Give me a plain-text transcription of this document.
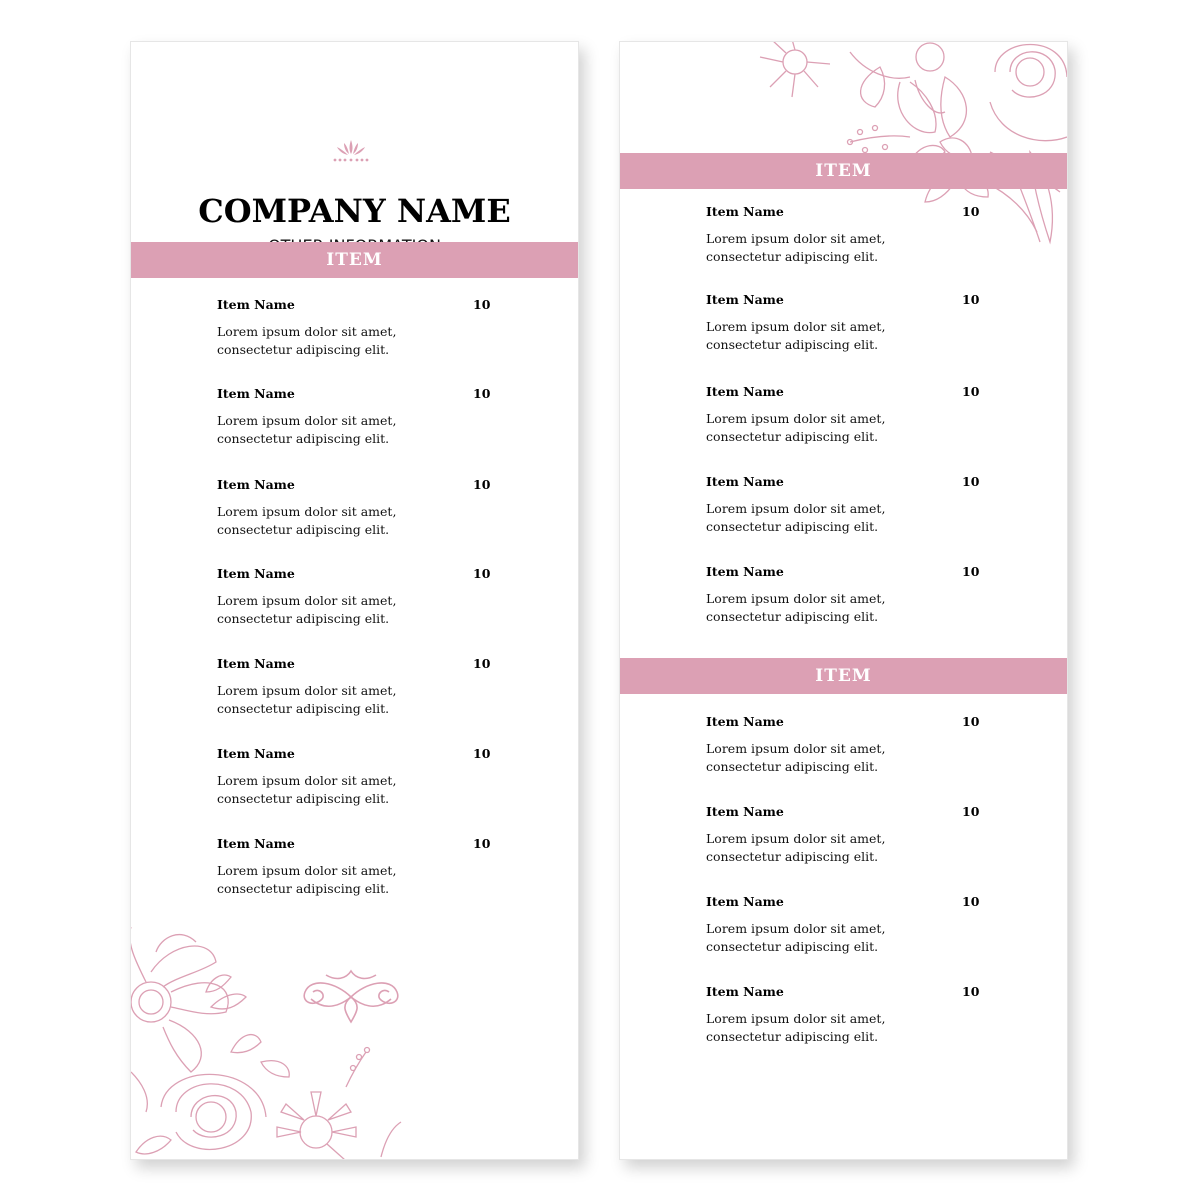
COMPANY NAME
ITEM
Item Name	10
Lorem ipsum dolor sit amet, consectetur adipiscing elit.
Item Name	10
Lorem ipsum dolor sit amet, consectetur adipiscing elit.
Item Name	10
Lorem ipsum dolor sit amet, consectetur adipiscing elit.
Item Name	10
Lorem ipsum dolor sit amet, consectetur adipiscing elit.
Item Name	10
Lorem ipsum dolor sit amet, consectetur adipiscing elit.
Item Name	10
Lorem ipsum dolor sit amet, consectetur adipiscing elit.
Item Name	10
Lorem ipsum dolor sit amet, consectetur adipiscing elit.
ITEM
ITEM
Item Name	10
Lorem ipsum dolor sit amet, consectetur adipiscing elit.
Item Name	10
Lorem ipsum dolor sit amet, consectetur adipiscing elit.
Item Name	10
Lorem ipsum dolor sit amet, consectetur adipiscing elit.
Item Name	10
Lorem ipsum dolor sit amet, consectetur adipiscing elit.
Item Name	10
Lorem ipsum dolor sit amet, consectetur adipiscing elit.
Item Name	10
Lorem ipsum dolor sit amet, consectetur adipiscing elit.
Item Name	10
Lorem ipsum dolor sit amet, consectetur adipiscing elit.
Item Name	10
Lorem ipsum dolor sit amet, consectetur adipiscing elit.
Item Name	10
Lorem ipsum dolor sit amet, consectetur adipiscing elit.
